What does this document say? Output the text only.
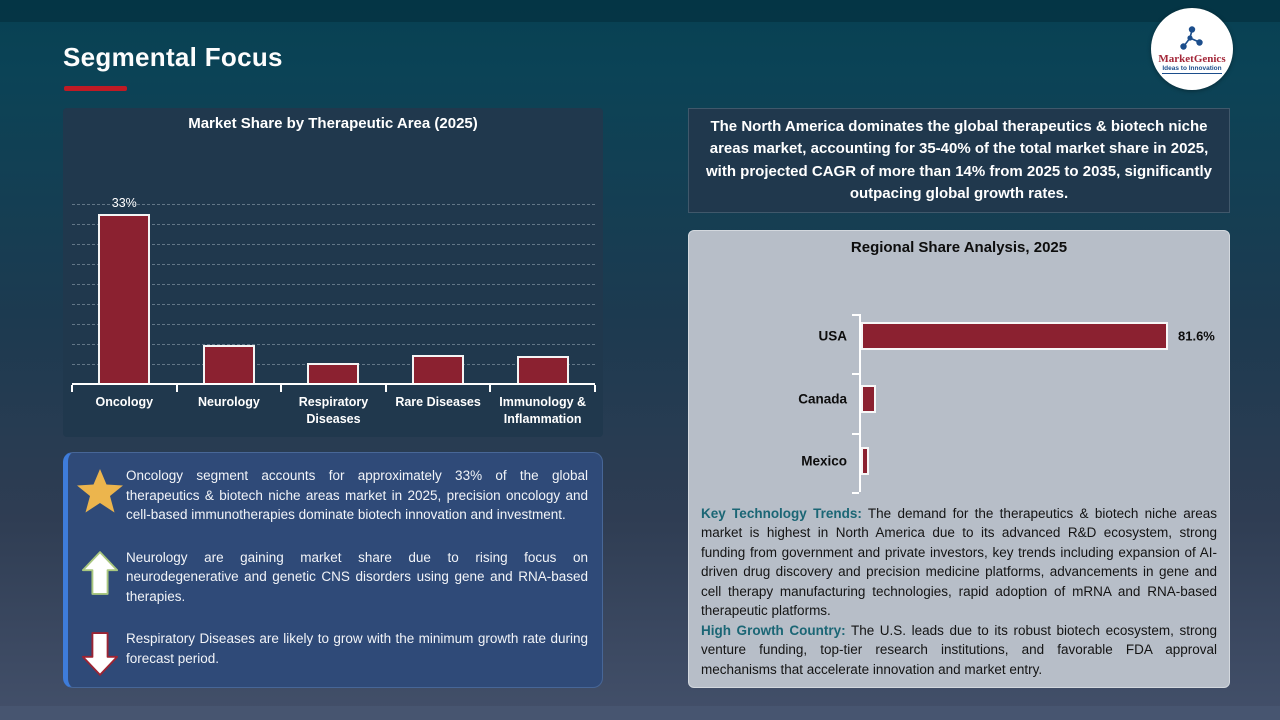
Segmental Focus	MarketGenics
Ideas to Innovation
Market Share by Therapeutic Area (2025)
33%
Oncology	Neurology	Respiratory Diseases
Rare Diseases	Immunology & Inflammation

The North America dominates the global therapeutics & biotech niche areas market, accounting for 35-40% of the total market share in 2025, with projected CAGR of more than 14% from 2025 to 2035, significantly outpacing global growth rates.

Regional Share Analysis, 2025
USA	81.6%
Canada
Mexico
Key Technology Trends: The demand for the therapeutics & biotech niche areas market is highest in North America due to its advanced R&D ecosystem, strong funding from government and private investors, key trends including expansion of AI-driven drug discovery and precision medicine platforms, advancements in gene and cell therapy manufacturing technologies, rapid adoption of mRNA and RNA-based therapeutic platforms.
High Growth Country: The U.S. leads due to its robust biotech ecosystem, strong venture funding, top-tier research institutions, and favorable FDA approval mechanisms that accelerate innovation and market entry.
Oncology segment accounts for approximately 33% of the global therapeutics & biotech niche areas market in 2025, precision oncology and cell-based immunotherapies dominate biotech innovation and investment.
Neurology are gaining market share due to rising focus on neurodegenerative and genetic CNS disorders using gene and RNA-based therapies.
Respiratory Diseases are likely to grow with the minimum growth rate during forecast period.
